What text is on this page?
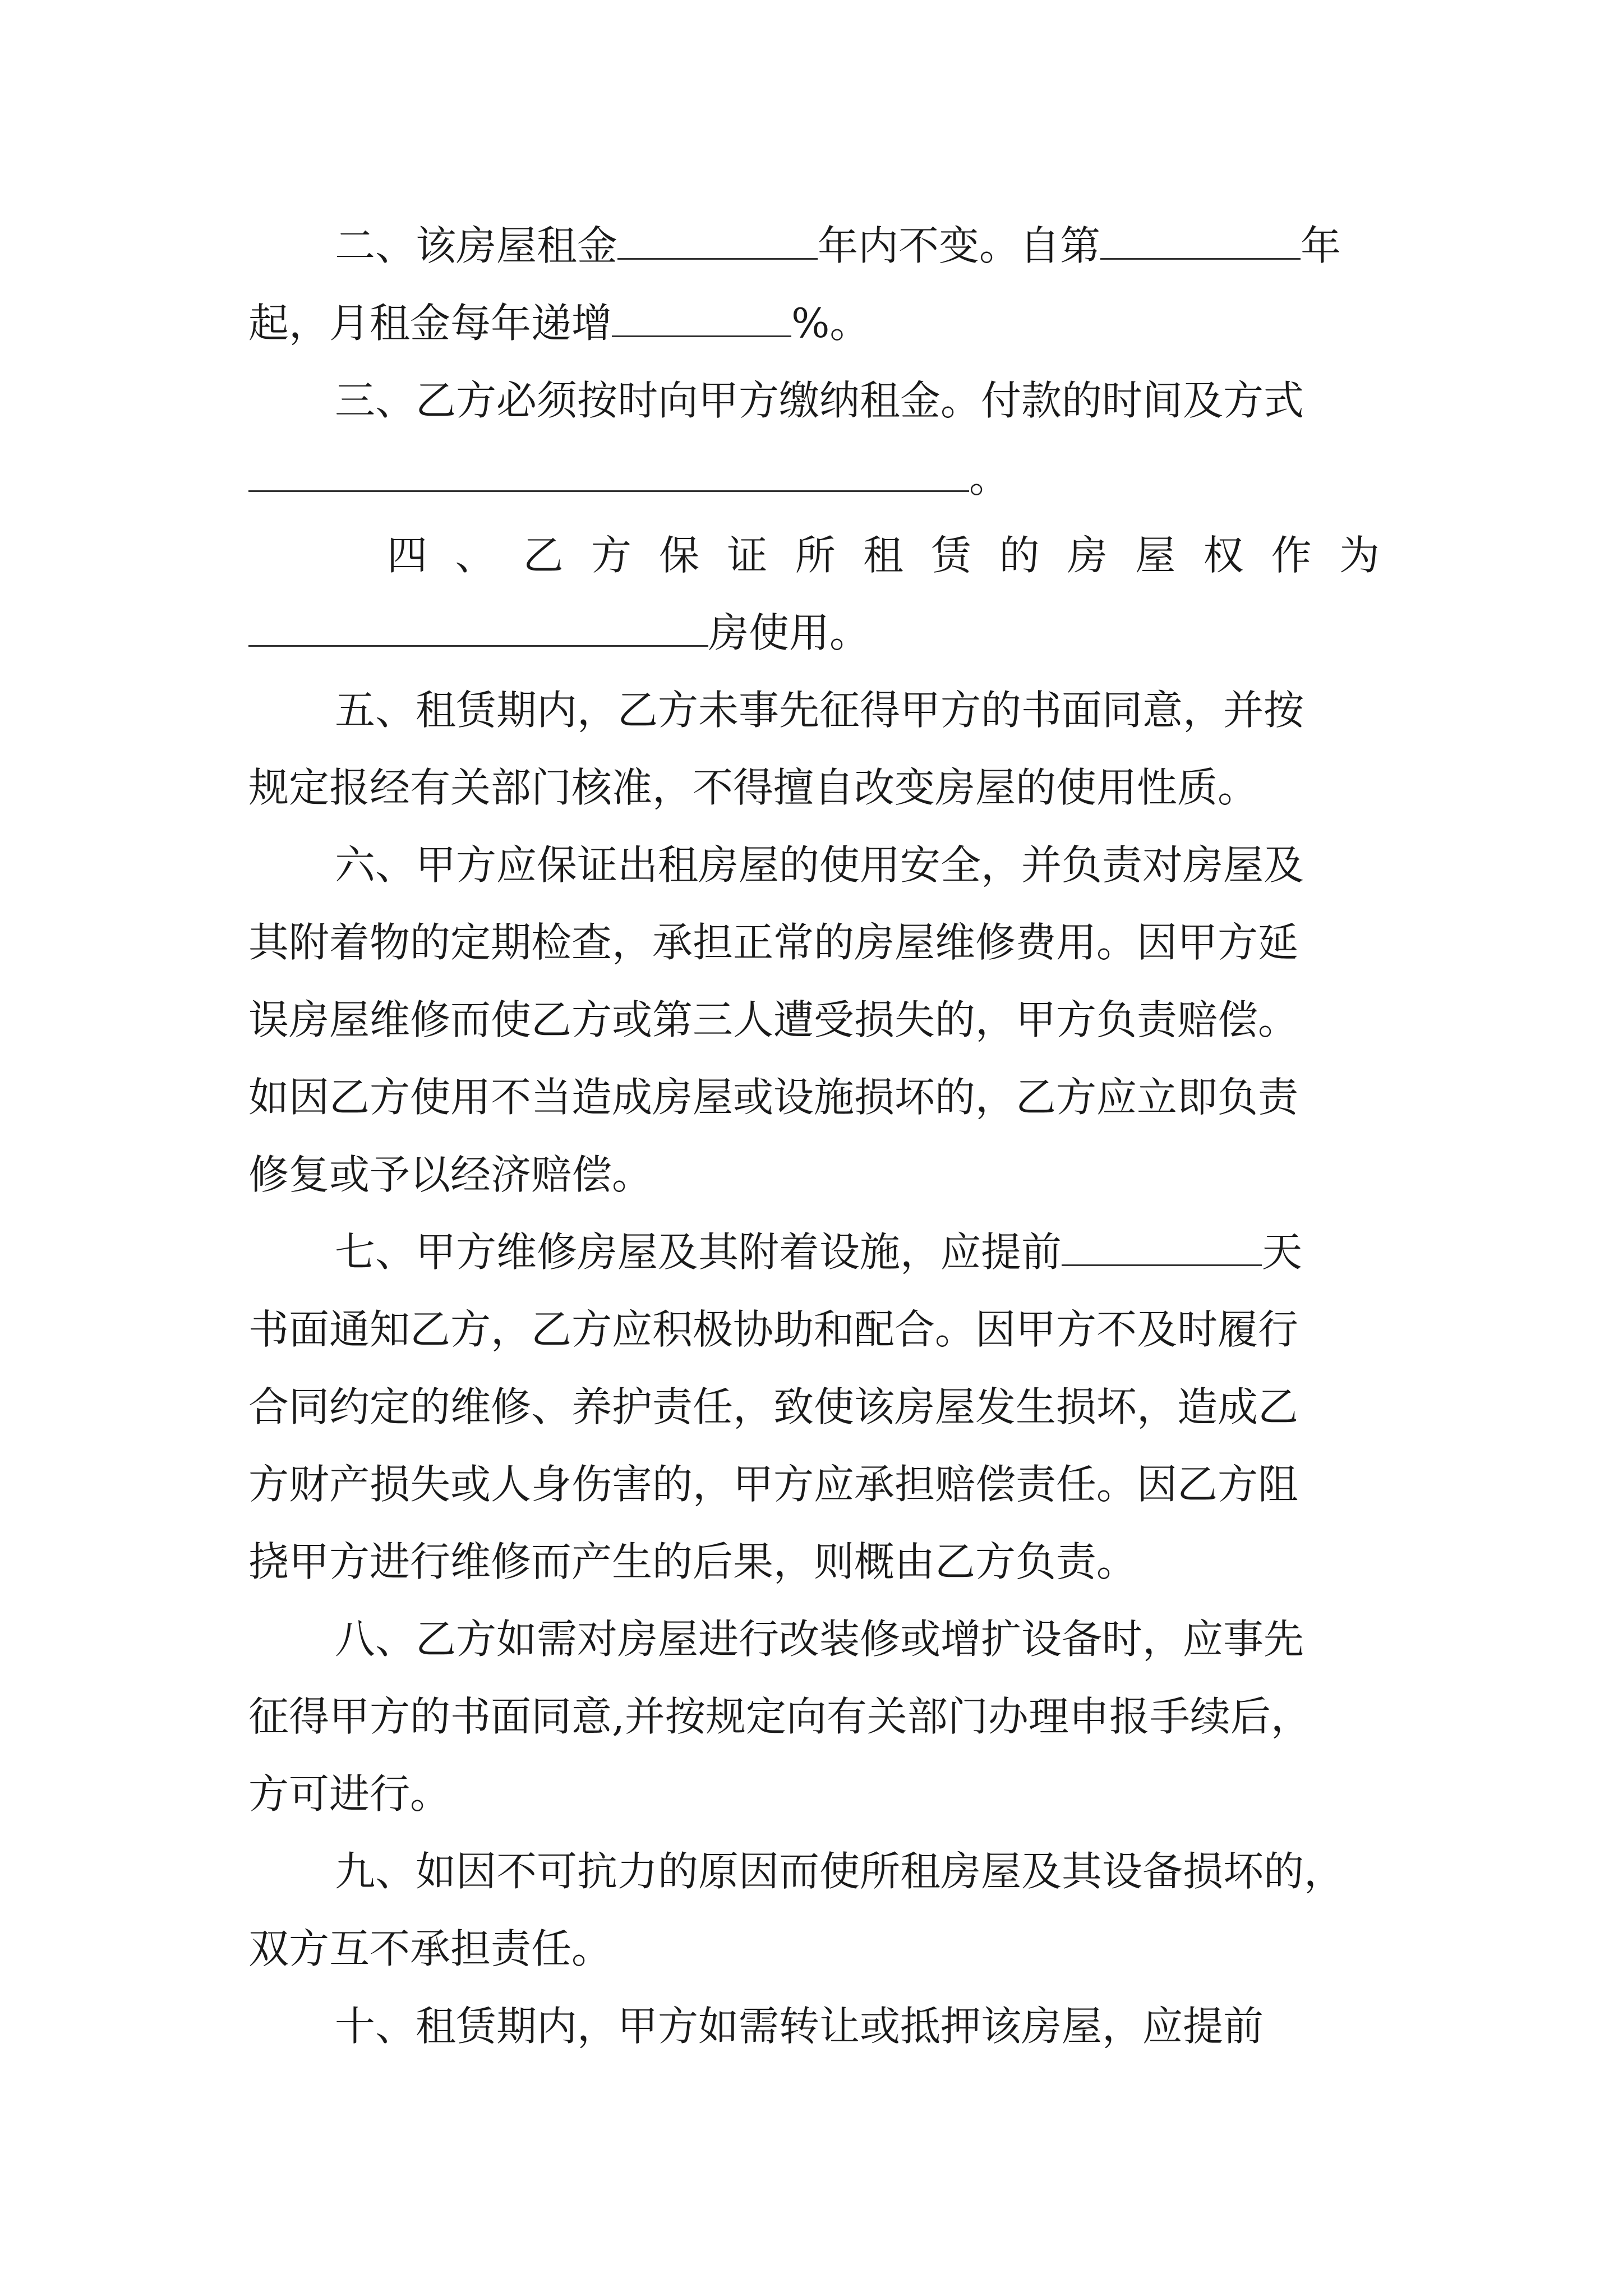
二、该房屋租金	年内不变。自第	年
起，月租金每年递增	%。
三、乙方必须按时向甲方缴纳租金。付款的时间及方式
。
四 、 乙 方 保 证 所 租 赁 的 房 屋 权 作 为
房使用。
五、租赁期内，乙方未事先征得甲方的书面同意，并按
规定报经有关部门核准，不得擅自改变房屋的使用性质。
六、甲方应保证出租房屋的使用安全，并负责对房屋及
其附着物的定期检查，承担正常的房屋维修费用。因甲方延
误房屋维修而使乙方或第三人遭受损失的，甲方负责赔偿。
如因乙方使用不当造成房屋或设施损坏的，乙方应立即负责
修复或予以经济赔偿。
七、甲方维修房屋及其附着设施，应提前	天
书面通知乙方，乙方应积极协助和配合。因甲方不及时履行
合同约定的维修、养护责任，致使该房屋发生损坏，造成乙
方财产损失或人身伤害的，甲方应承担赔偿责任。因乙方阻
挠甲方进行维修而产生的后果，则概由乙方负责。
八、乙方如需对房屋进行改装修或增扩设备时，应事先
征得甲方的书面同意,并按规定向有关部门办理申报手续后，
方可进行。
九、如因不可抗力的原因而使所租房屋及其设备损坏的，
双方互不承担责任。
十、租赁期内，甲方如需转让或抵押该房屋，应提前
